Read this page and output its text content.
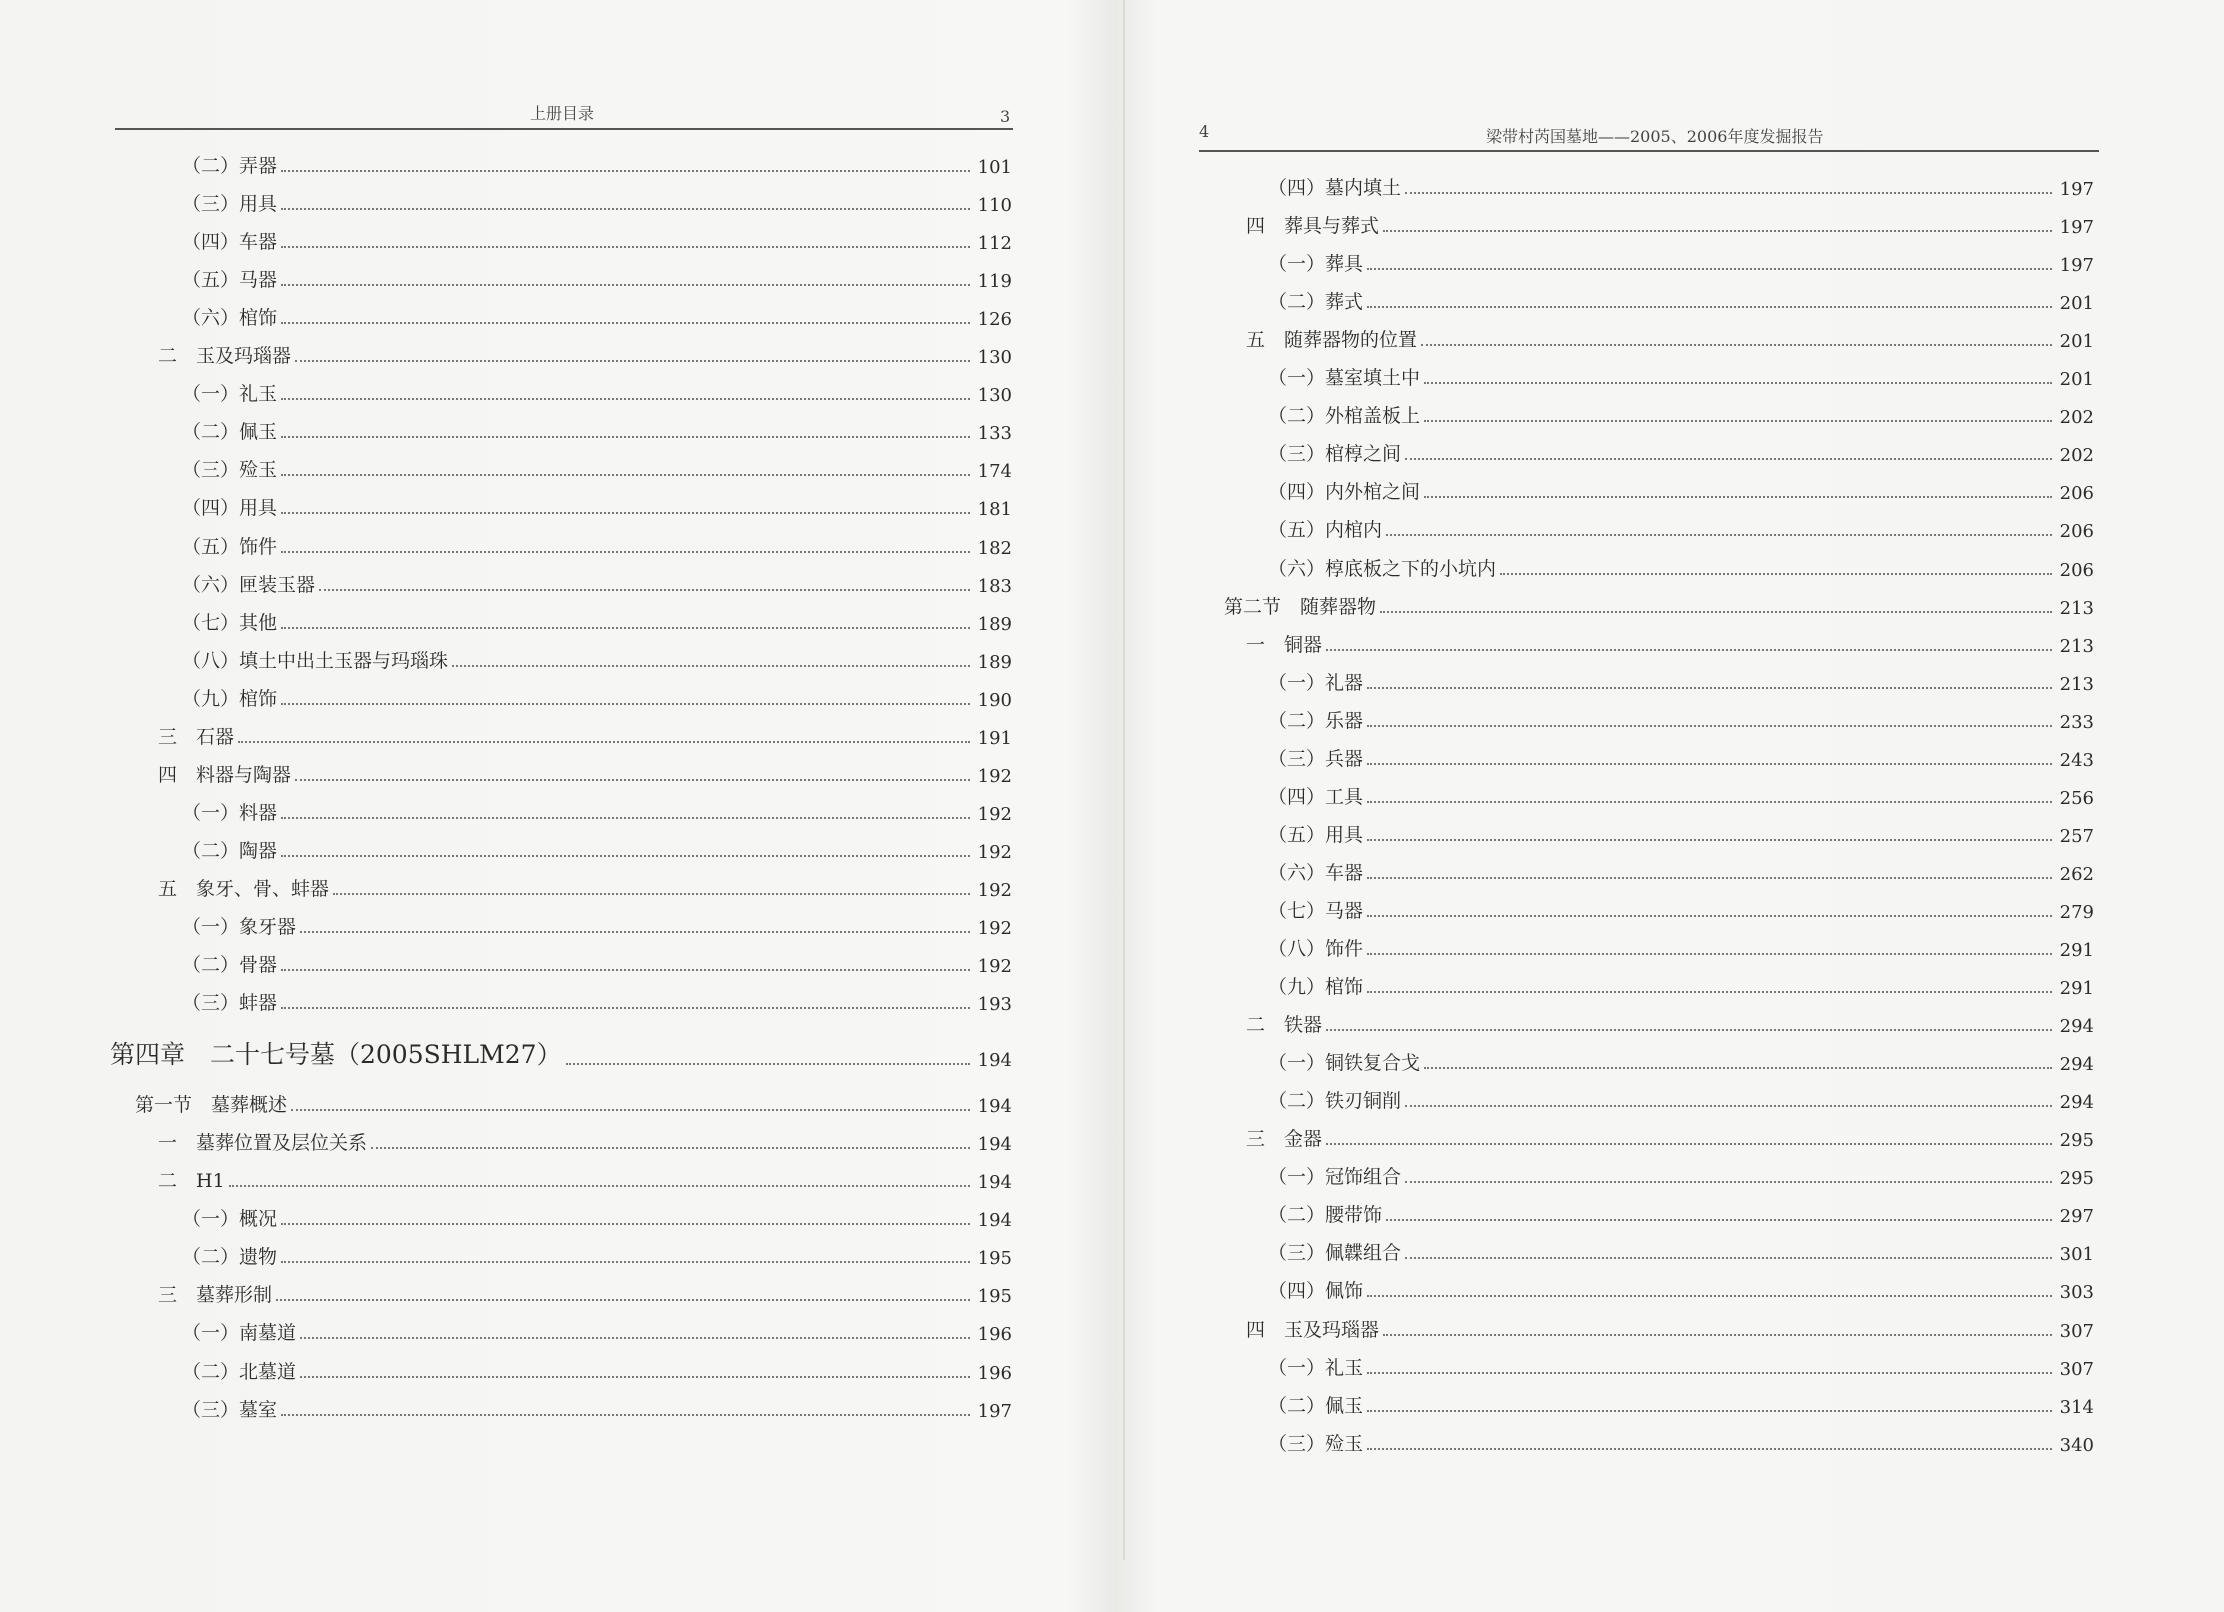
上册目录	3
（二）弄器	101
（三）用具	110
（四）车器	112
（五）马器	119
（六）棺饰	126
二　玉及玛瑙器	130
（一）礼玉	130
（二）佩玉	133
（三）殓玉	174
（四）用具	181
（五）饰件	182
（六）匣装玉器	183
（七）其他	189
（八）填土中出土玉器与玛瑙珠	189
（九）棺饰	190
三　石器	191
四　料器与陶器	192
（一）料器	192
（二）陶器	192
五　象牙、骨、蚌器	192
（一）象牙器	192
（二）骨器	192
（三）蚌器	193
第四章　二十七号墓（2005SHLM27）	194
第一节　墓葬概述	194
一　墓葬位置及层位关系	194
二　H1	194
（一）概况	194
（二）遗物	195
三　墓葬形制	195
（一）南墓道	196
（二）北墓道	196
（三）墓室	197
4	梁带村芮国墓地——2005、2006年度发掘报告
（四）墓内填土	197
四　葬具与葬式	197
（一）葬具	197
（二）葬式	201
五　随葬器物的位置	201
（一）墓室填土中	201
（二）外棺盖板上	202
（三）棺椁之间	202
（四）内外棺之间	206
（五）内棺内	206
（六）椁底板之下的小坑内	206
第二节　随葬器物	213
一　铜器	213
（一）礼器	213
（二）乐器	233
（三）兵器	243
（四）工具	256
（五）用具	257
（六）车器	262
（七）马器	279
（八）饰件	291
（九）棺饰	291
二　铁器	294
（一）铜铁复合戈	294
（二）铁刃铜削	294
三　金器	295
（一）冠饰组合	295
（二）腰带饰	297
（三）佩韘组合	301
（四）佩饰	303
四　玉及玛瑙器	307
（一）礼玉	307
（二）佩玉	314
（三）殓玉	340
